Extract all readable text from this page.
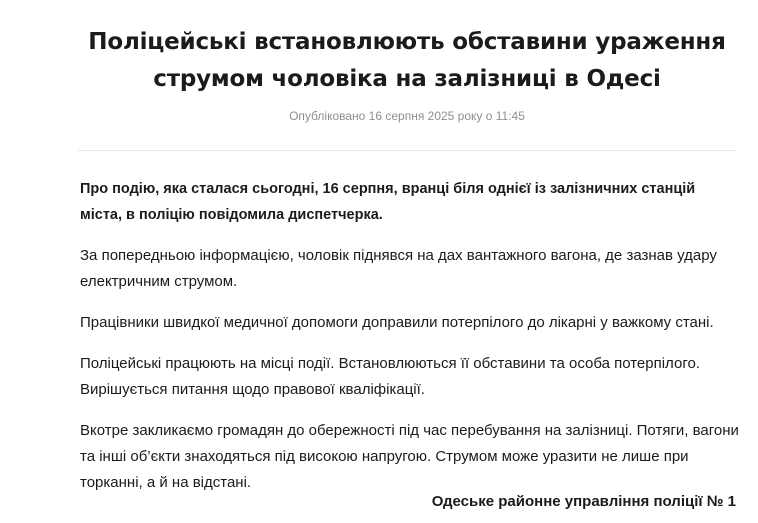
Поліцейські встановлюють обставини ураження струмом чоловіка на залізниці в Одесі
Опубліковано 16 серпня 2025 року о 11:45

Про подію, яка сталася сьогодні, 16 серпня, вранці біля однієї із залізничних станцій міста, в поліцію повідомила диспетчерка.

За попередньою інформацією, чоловік піднявся на дах вантажного вагона, де зазнав удару електричним струмом.

Працівники швидкої медичної допомоги доправили потерпілого до лікарні у важкому стані.

Поліцейські працюють на місці події. Встановлюються її обставини та особа потерпілого. Вирішується питання щодо правової кваліфікації.

Вкотре закликаємо громадян до обережності під час перебування на залізниці. Потяги, вагони та інші об’єкти знаходяться під високою напругою. Струмом може уразити не лише при торканні, а й на відстані.

Одеське районне управління поліції № 1
